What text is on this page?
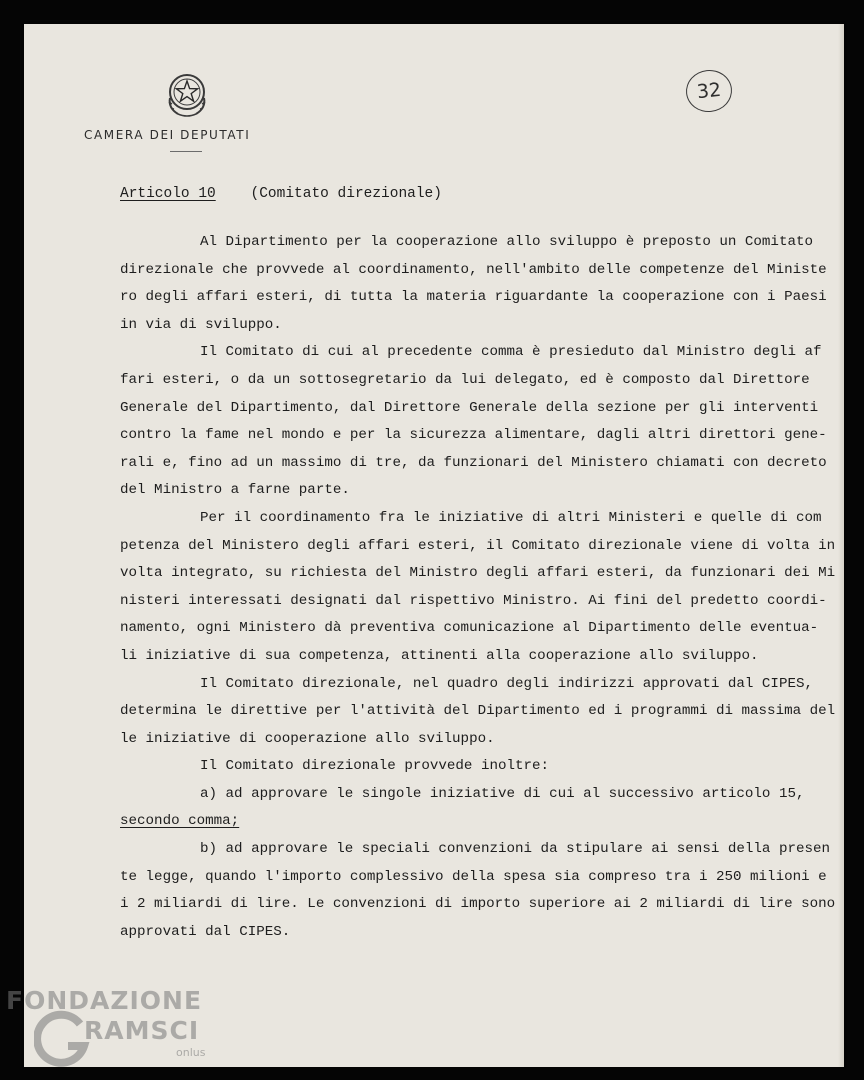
CAMERA DEI DEPUTATI
32
Articolo 10 (Comitato direzionale)
Al Dipartimento per la cooperazione allo sviluppo è preposto un Comitato
direzionale che provvede al coordinamento, nell'ambito delle competenze del Ministe
ro degli affari esteri, di tutta la materia riguardante la cooperazione con i Paesi
in via di sviluppo.
Il Comitato di cui al precedente comma è presieduto dal Ministro degli af
fari esteri, o da un sottosegretario da lui delegato, ed è composto dal Direttore
Generale del Dipartimento, dal Direttore Generale della sezione per gli interventi
contro la fame nel mondo e per la sicurezza alimentare, dagli altri direttori gene-
rali e, fino ad un massimo di tre, da funzionari del Ministero chiamati con decreto
del Ministro a farne parte.
Per il coordinamento fra le iniziative di altri Ministeri e quelle di com
petenza del Ministero degli affari esteri, il Comitato direzionale viene di volta in
volta integrato, su richiesta del Ministro degli affari esteri, da funzionari dei Mi
nisteri interessati designati dal rispettivo Ministro. Ai fini del predetto coordi-
namento, ogni Ministero dà preventiva comunicazione al Dipartimento delle eventua-
li iniziative di sua competenza, attinenti alla cooperazione allo sviluppo.
Il Comitato direzionale, nel quadro degli indirizzi approvati dal CIPES,
determina le direttive per l'attività del Dipartimento ed i programmi di massima del
le iniziative di cooperazione allo sviluppo.
Il Comitato direzionale provvede inoltre:
a) ad approvare le singole iniziative di cui al successivo articolo 15,
secondo comma;
b) ad approvare le speciali convenzioni da stipulare ai sensi della presen
te legge, quando l'importo complessivo della spesa sia compreso tra i 250 milioni e
i 2 miliardi di lire. Le convenzioni di importo superiore ai 2 miliardi di lire sono
approvati dal CIPES.
FONDAZIONE
RAMSCI
onlus
